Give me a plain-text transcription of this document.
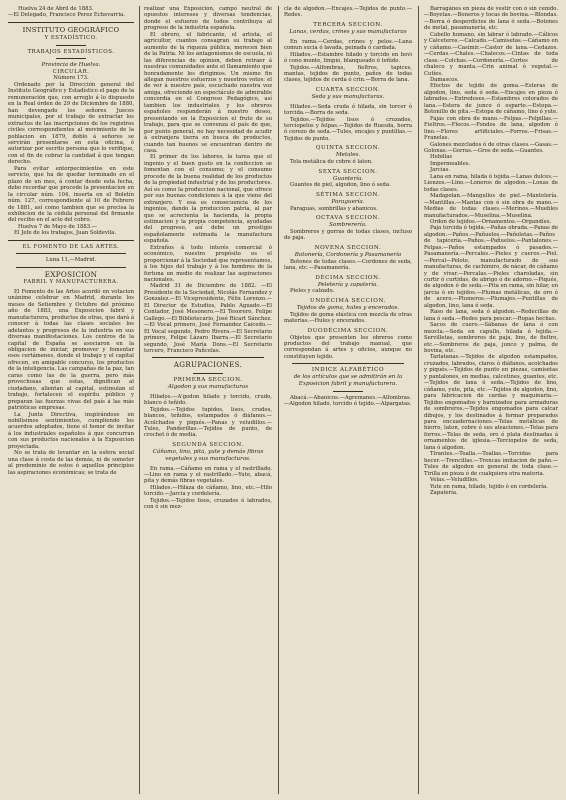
Huelva 24 de Abril de 1883.

—El Delegado, Francisco Perez Echevarria.

INSTITUTO GEOGRÁFICO
Y ESTADÍSTICO.
TRABAJOS ESTADÍSTICOS.
Provincia de Huelva.
CIRCULAR.
Número 173.

Ordenado por la Dirección general del Instituto Geográfico y Estadístico el pago de la remuneración que, con arreglo á lo dispuesto en la Real órden de 29 de Diciembre de 1880, han devengado los señores Jueces municipales, por el trabajo de extractar los extractos de las inscripciones de los registros civiles correspondientes al movimiento de la poblacion en 1879, doblo á señores se servirán presentarse en esta oficina, ó autorizar por escrito persona que lo verifique, con el fin de cobrar la cantidad á que tengan derecho.

Para evitar entorpecimientos en este servicio, que ha de quedar terminado en el plazo de un mes, á contar desde esta fecha, debo recordar que procede la presentacion en la circular núm. 104, inserta en el Boletín núm. 127, correspondiente al 10 de Febrero de 1881, así como tambien que se precisa la exhibicion de la cédula personal del firmante del recibo en el acto del cobro.

Huelva 7 de Mayo de 1883.—

El Jefe de los trabajos, Juan Soldevila.

EL FOMENTO DE LAS ARTES.
Luna 11,—Madrid.
EXPOSICION
FABRIL Y MANUFACTURERA.

El Fomento de las Artes acordó en votacion unánime celebrar en Madrid, durante los meses de Setiembre y Octubre del próximo año de 1883, una Exposicion fabril y manufacturera, productos de otras, que dará á conocer á todas las clases sociales los adelantos y progresos de la industria en sus diversas manifestaciones. Los centros de la capital de España se asociaron en la obligacion de iniciar, promover y fomentar esos certámenes, donde el trabajo y el capital ofrecen, en amigable concurso, los productos de la inteligencia. Las campañas de la paz, tan caras como las de la guerra, pero más provechosas que estas, dignifican al ciudadano, alientan al capital, estimulan el trabajo, fortalecen el espíritu público y preparan las fuerzas vivas del país á las más patrióticas empresas.

La Junta Directiva, inspirándose en nobilísimos sentimientos, cumpliendo los acuerdos adoptados, tiene el honor de invitar á los industriales españoles á que concurran con sus productos nacionales á la Exposicion proyectada.

No se trata de levantar en la esfera social una clase á costa de las demás, ni de someter al predominio de estos ó aquellos principios las aspiraciones económicas; se trata de

realizar una Exposicion, campo neutral de opuestos intereses y diversas tendencias, donde el esfuerzo de todos contribuya al progreso de la industria española.

El obrero, el fabricante, el artista, el agricultor, cuantos consagran su trabajo al aumento de la riqueza pública, merecen bien de la Patria. Ni los antagonismos de escuela, ni las diferencias de opinion, deben retraer á nuestras comunidades ante el llamamiento que honradamente les dirigimos. Un mismo fin allegan nuestros esfuerzos y nuestros votos: el de ver á nuestro país, escuchado nuestra voz amiga, ofreciendo un espectáculo de admirable concordia en el Congreso Pedagógico, así tambien los industriales y los obreros españoles responderán á nuestro deseo, presentando en la Exposicion el fruto de su trabajo, para que se convenza el país de que, por punto general, no hay necesidad de acudir á extranjera tierra en busca de productos, cuando tan buenos se encuentran dentro de casa.

El primer de los labores, la tarea que el ingenio y el buen gusto en la confeccion se fomentan con el consumo; y el consumo procede de la buena realidad de los productos de la propiedad industrial y de los productores. Así es como la produccion nacional, que ofrece por sus buenas condiciones á la que viene del extranjero. Y esa es consecuencia de los ingenios, dando la produccion patria, al par que se acrecienta la hacienda, la propia estimacion y la propia competencia, ayudadas del progreso, así debe un prestigio españolamente estimada la manufactura española.

Extraños á todo interés comercial ó económico, nuestro propósito es el proporcionar á la Sociedad que representamos, á los hijos del trabajo y á los hombres de la fortuna un medio de realizar las aspiraciones nacionales.

Madrid 31 de Diciembre de 1882. —El Presidente de la Sociedad, Nicolás Fernandez y Gonzalez.—El Vicepresidente, Félix Lorenzo.—El Director de Estudios, Pablo Aguado.—El Contador, José Mesonero.—El Tesorero, Felipe Gallego.—El Bibliotecario, José Ricart Sánchez.—El Vocal primero, José Fernandez Caicedo.—El Vocal segundo, Pedro Rivera.—El Secretario primero, Felipe Lázaro Ibarra.—El Secretario segundo, José María Dons.—El Secretario tercero, Francisco Pañcelas.

AGRUPACIONES.
PRIMERA SECCION.
Algodon y sus manufacturas

Hilados.—A'godon hilado y torcido, crudo, blanco ó teñido.

Tejidos.—Tejidos tupidos, lisos, crudos, blancos, teñidos, estampados ó diáfanos.—Acolchados y piqués.—Panas y veludillos.—Tules, Panderillas.—Tejidos de punto, de crochet ó de media.

SEGUNDA SECCION.
Cáñamo, lino, pita, yute y demás fibras vegetales y sus manufacturas.

En rama.—Cáñamo en rama y el rastrillado.—Lino en rama y el rastrillado.—Yute, abacá, pita y demás fibras vegetales.

Hilados.—Hilaza de cáñamo, lino, etc.—Hilo torcido.—Jarcia y cordelería.

Tejidos.—Tejidos lisos, cruzados ó labrados, con ó sin mez-

cla de algodon.—Encajes.—Tejidos de punto.—Redes.

TERCERA SECCION.
Lanas, cerdas, crines y sus manufacturas

En rama.—Cerdas, crines y pelos.—Lana comun sucia ó lavada, peinada ó cardada.

Hilados.—Estambre hilado y torcido en bovi ó cono monte, limpio, blanqueado ó teñido.

Tejidos.—Alfombras, fieltros, tapices, mantas, tejidos de punto, paños de todas clases, tejidos de cerda ó crin.—Borra de lana.

CUARTA SECCION.
Seda y sus manufacturas.

Hilados.—Seda cruda ó hilada, sin torcer ó torcida.—Borra de seda.

Tejidos.—Tejidos lisos ó cruzados, terciopelos y felpas.—Tejidos de Ruesda, borra ó cerezo de seda.—Tules, encajes y puntillas.—Tejidos de punto.

QUINTA SECCION.
Metales.

Tela metálica de cobre ó laton.

SEXTA SECCION.
Guantería.

Guantes de piel, algodon, lino ó seda.

SÉTIMA SECCION.
Paraguería.

Paraguas, sombrillas y abanicos.

OCTAVA SECCION.
Sombrerería.

Sombreros y gorras de todas clases, incluso de paja.

NOVENA SECCION.
Botonería, Cordonería y Pasamanería

Botones de todas clases.—Cordones de seda, lana, etc.—Pasamanería.

DÉCIMA SECCION.
Peletería y zapatería.

Pieles y calzado.

UNDÉCIMA SECCION.
Tejidos de goma, hules y encerados.

Tejidos de goma elástica con mezcla de otras materias.—Hules y encerados.

DUODÉCIMA SECCION.

Objetos que presenten los obreros como productos del trabajo manual, que correspondan á artes y oficios, aunque no constituyen tejido.

INDICE ALFABÉTICO
de los artículos que se admitirán en la Exposicion fabril y manufacturera.

Abacá.—Abanicos.—Agremanes.—Alfombras.—Algodon hilado, torcido ó tejido.—Alpargatas.

Barragánes en pieza de vestir con ó sin cenido.—Boyetas.—Boneros y tocas de bovina.—Blondas.—Borra ó desperdicios de lana ó seda.—Botones de metal, pasamanería, etc.

Cabello humano, sin labrar ó labrado.—Cálicos y Calceteros.—Calcado.—Camisetas.—Cáñamo en y cáñamo.—Casimir.—Castor de lana.—Cedazos.—Cerdas.—Chales.—Chalecos.—Cintas de toda clase.—Colchas.—Cordonería.—Cortes de chaleco y manta.—Crin animal ó vegetal.—Cutíes.

Damascos.

Efectos de tejido de goma.—Esteras de algodon, lino, seda ó seda.—Encajes en pieza ó labrados.—Entredoses.—Estambres colorados de lana.—Estera de junco ó esparto.—Estopa.—Botonillo de pita.—Estopa de cáñamo, lino ó yute.

Fajas con obra de mano.—Felpas.—Felpillas.—Fieltros.—Flecos.—Fondos de lana, algodon ó lino.—Flores artificiales.—Forros.—Frisas.—Franelas.

Galones mezclados ó de otras clases.—Gasas.—Golonas.—Gorras.—Gros de seda.—Guantes.

Hebillas

Impermeables.

Jarcias.

Lana en rama, hilada ó tejida.—Lanas dulces.—Lienzos.—Lino.—Loneros de algodon.—Lonas de todas clases.

Madapolan.—Mangullos de piel.—Mantelería.—Mantillas.—Mantas con ó sin obra de mano.—Medias de todas clases.—Merinos.—Muebles manufacturados.—Muselina.—Muselina.

Ordon de tejidos.—Ornamentos.—Organdíes.

Paja torcida ó tejida.—Pañas obrada.—Panas de algodon.—Paños.—Pañuelos.—Pañoletas.—Paños de tapicería.—Paños.—Pañuelos.—Pantalones.—Felpas.—Paños estampados ó pasados.—Pasamanería.—Percales.—Pieles y cueros.—Piel.—Percal—Pelote, manufacturado de sus manufacturas, de cachimiro, de nácar, de cáñamo y de vivar.—Percalas.—Pieles charoladas, sin curtir ó curtidas, de abrigo ó de adorno.—Piqués, de algodon ó de seda.—Pita en rama, sin hilar, en jarcia ó en tejidos.—Plumas metálicas, de oro ó de acero.—Plumeros.—Plumajes.—Puntillas de algodon, lino, lana ó seda.

Raso de lana, seda ó algodon.—Redecillas de lana ó seda.—Redes para pescar.—Ropas hechas.

Sacos de cuero.—Sábanas de lana ó con mezcla.—Seda en capullo, hilada ó tejida.—Servilletas, sombreros de paja, lino, de fieltro, etc.—Sombreros de paja, junco y palma, de bovina, etc.

Tarlatanas.—Tejidos de algodon estampados, cruzados, labrados, claros ó diáfanos, acolchados y piqués.—Tejidos de punto en piezas, camisetas y pantalones, en medias, calcetines, guantes, etc.—Tejidos de lana ó seda.—Tejidos de lino, cáñamo, yute, pita, etc.—Tejidos de algodon, lino, para fabricacion de cardas y maquinaria.—Tejidos engomados y barnizados para armaduras de sombreros.—Tejidos engomados para calcar dibujos, y los destinados á formar preparados para encuadernaciones.—Telas metálicas de hierro, laton, cobre ó sus aleaciones.—Telas para forros.—Telas de seda, oro ó plata destinadas á ornamentos de iglesia.—Terciopelos de seda, lana ó algodon.

Tirantes.—Toalla.—Toallas.—Torcidas para hecer.—Trencillas.—Trencas imitacion de paño.—Tules de algodon en general de toda clase.—Tirilla en pieza ó de cualquiera otra materia.

Velas.—Veludillos.

Yute en rama, hilado, tejido ó en cordelería.

Zapatería.
